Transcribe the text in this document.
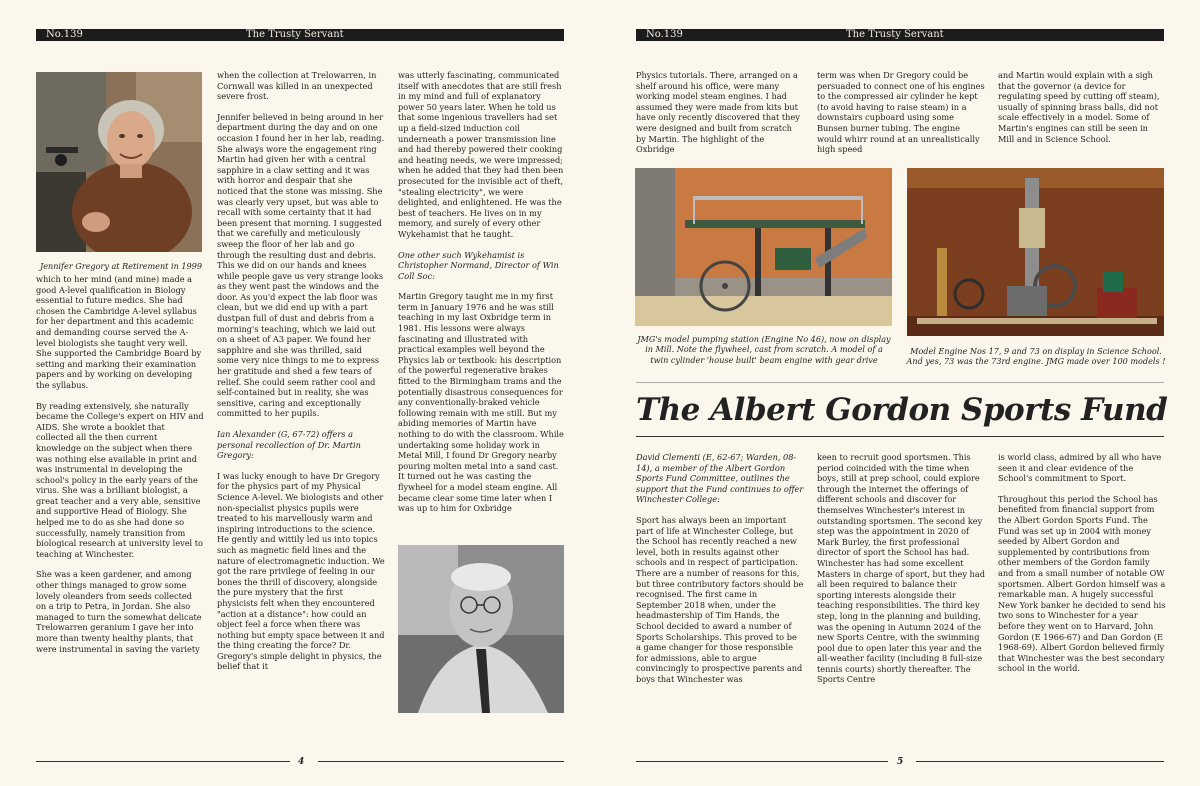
No.139	The Trusty Servant
Jennifer Gregory at Retirement in 1999

which to her mind (and mine) made a good A-level qualification in Biology essential to future medics. She had chosen the Cambridge A-level syllabus for her department and this academic and demanding course served the A-level biologists she taught very well. She supported the Cambridge Board by setting and marking their examination papers and by working on developing the syllabus.

By reading extensively, she naturally became the College's expert on HIV and AIDS. She wrote a booklet that collected all the then current knowledge on the subject when there was nothing else available in print and was instrumental in developing the school's policy in the early years of the virus. She was a brilliant biologist, a great teacher and a very able, sensitive and supportive Head of Biology. She helped me to do as she had done so successfully, namely transition from biological research at university level to teaching at Winchester.

She was a keen gardener, and among other things managed to grow some lovely oleanders from seeds collected on a trip to Petra, in Jordan. She also managed to turn the somewhat delicate Trelowarren geranium I gave her into more than twenty healthy plants, that were instrumental in saving the variety

when the collection at Trelowarren, in Cornwall was killed in an unexpected severe frost.

Jennifer believed in being around in her department during the day and on one occasion I found her in her lab, reading. She always wore the engagement ring Martin had given her with a central sapphire in a claw setting and it was with horror and despair that she noticed that the stone was missing. She was clearly very upset, but was able to recall with some certainty that it had been present that morning. I suggested that we carefully and meticulously sweep the floor of her lab and go through the resulting dust and debris. This we did on our hands and knees while people gave us very strange looks as they went past the windows and the door. As you'd expect the lab floor was clean, but we did end up with a part dustpan full of dust and debris from a morning's teaching, which we laid out on a sheet of A3 paper. We found her sapphire and she was thrilled, said some very nice things to me to express her gratitude and shed a few tears of relief. She could seem rather cool and self-contained but in reality, she was sensitive, caring and exceptionally committed to her pupils.

Ian Alexander (G, 67-72) offers a personal recollection of Dr. Martin Gregory:

I was lucky enough to have Dr Gregory for the physics part of my Physical Science A-level. We biologists and other non-specialist physics pupils were treated to his marvellously warm and inspiring introductions to the science. He gently and wittily led us into topics such as magnetic field lines and the nature of electromagnetic induction. We got the rare privilege of feeling in our bones the thrill of discovery, alongside the pure mystery that the first physicists felt when they encountered "action at a distance": how could an object feel a force when there was nothing but empty space between it and the thing creating the force? Dr. Gregory's simple delight in physics, the belief that it

was utterly fascinating, communicated itself with anecdotes that are still fresh in my mind and full of explanatory power 50 years later. When he told us that some ingenious travellers had set up a field-sized induction coil underneath a power transmission line and had thereby powered their cooking and heating needs, we were impressed; when he added that they had then been prosecuted for the invisible act of theft, "stealing electricity", we were delighted, and enlightened. He was the best of teachers. He lives on in my memory, and surely of every other Wykehamist that he taught.

One other such Wykehamist is Christopher Normand, Director of Win Coll Soc:

Martin Gregory taught me in my first term in January 1976 and he was still teaching in my last Oxbridge term in 1981. His lessons were always fascinating and illustrated with practical examples well beyond the Physics lab or textbook: his description of the powerful regenerative brakes fitted to the Birmingham trams and the potentially disastrous consequences for any conventionally-braked vehicle following remain with me still. But my abiding memories of Martin have nothing to do with the classroom. While undertaking some holiday work in Metal Mill, I found Dr Gregory nearby pouring molten metal into a sand cast. It turned out he was casting the flywheel for a model steam engine. All became clear some time later when I was up to him for Oxbridge

4
No.139	The Trusty Servant

Physics tutorials. There, arranged on a shelf around his office, were many working model steam engines. I had assumed they were made from kits but have only recently discovered that they were designed and built from scratch by Martin. The highlight of the Oxbridge

term was when Dr Gregory could be persuaded to connect one of his engines to the compressed air cylinder he kept (to avoid having to raise steam) in a downstairs cupboard using some Bunsen burner tubing. The engine would whirr round at an unrealistically high speed

and Martin would explain with a sigh that the governor (a device for regulating speed by cutting off steam), usually of spinning brass balls, did not scale effectively in a model. Some of Martin's engines can still be seen in Mill and in Science School.

JMG's model pumping station (Engine No 46), now on display in Mill. Note the flywheel, cast from scratch. A model of a twin cylinder 'house built' beam engine with gear drive
Model Engine Nos 17, 9 and 73 on display in Science School. And yes, 73 was the 73rd engine. JMG made over 100 models !
The Albert Gordon Sports Fund

David Clementi (E, 62-67; Warden, 08-14), a member of the Albert Gordon Sports Fund Committee, outlines the support that the Fund continues to offer Winchester College:

Sport has always been an important part of life at Winchester College, but the School has recently reached a new level, both in results against other schools and in respect of participation. There are a number of reasons for this, but three contributory factors should be recognised. The first came in September 2018 when, under the headmastership of Tim Hands, the School decided to award a number of Sports Scholarships. This proved to be a game changer for those responsible for admissions, able to argue convincingly to prospective parents and boys that Winchester was

keen to recruit good sportsmen. This period coincided with the time when boys, still at prep school, could explore through the internet the offerings of different schools and discover for themselves Winchester's interest in outstanding sportsmen. The second key step was the appointment in 2020 of Mark Burley, the first professional director of sport the School has had. Winchester has had some excellent Masters in charge of sport, but they had all been required to balance their sporting interests alongside their teaching responsibilities. The third key step, long in the planning and building, was the opening in Autumn 2024 of the new Sports Centre, with the swimming pool due to open later this year and the all-weather facility (including 8 full-size tennis courts) shortly thereafter. The Sports Centre

is world class, admired by all who have seen it and clear evidence of the School's commitment to Sport.

Throughout this period the School has benefited from financial support from the Albert Gordon Sports Fund. The Fund was set up in 2004 with money seeded by Albert Gordon and supplemented by contributions from other members of the Gordon family and from a small number of notable OW sportsmen. Albert Gordon himself was a remarkable man. A hugely successful New York banker he decided to send his two sons to Winchester for a year before they went on to Harvard, John Gordon (E 1966-67) and Dan Gordon (E 1968-69). Albert Gordon believed firmly that Winchester was the best secondary school in the world.

5
